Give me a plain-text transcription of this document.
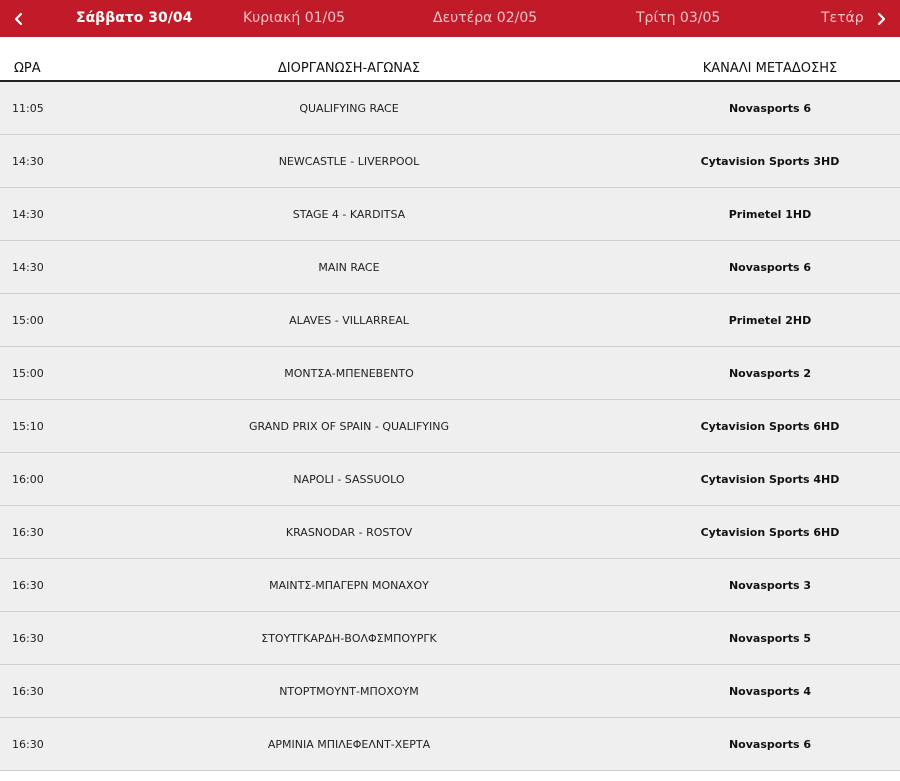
Σάββατο 30/04	Κυριακή 01/05	Δευτέρα 02/05	Τρίτη 03/05	Τετάρ
ΩΡΑ	ΔΙΟΡΓΑΝΩΣΗ-ΑΓΩΝΑΣ	ΚΑΝΑΛΙ ΜΕΤΑΔΟΣΗΣ
11:05	QUALIFYING RACE	Novasports 6
14:30	NEWCASTLE - LIVERPOOL	Cytavision Sports 3HD
14:30	STAGE 4 - KARDITSA	Primetel 1HD
14:30	MAIN RACE	Novasports 6
15:00	ALAVES - VILLARREAL	Primetel 2HD
15:00	ΜΟΝΤΣΑ-ΜΠΕΝΕΒΕΝΤΟ	Novasports 2
15:10	GRAND PRIX OF SPAIN - QUALIFYING	Cytavision Sports 6HD
16:00	NAPOLI - SASSUOLO	Cytavision Sports 4HD
16:30	KRASNODAR - ROSTOV	Cytavision Sports 6HD
16:30	ΜΑΙΝΤΣ-ΜΠΑΓΕΡΝ ΜΟΝΑΧΟΥ	Novasports 3
16:30	ΣΤΟΥΤΓΚΑΡΔΗ-ΒΟΛΦΣΜΠΟΥΡΓΚ	Novasports 5
16:30	ΝΤΟΡΤΜΟΥΝΤ-ΜΠΟΧΟΥΜ	Novasports 4
16:30	ΑΡΜΙΝΙΑ ΜΠΙΛΕΦΕΛΝΤ-ΧΕΡΤΑ	Novasports 6
